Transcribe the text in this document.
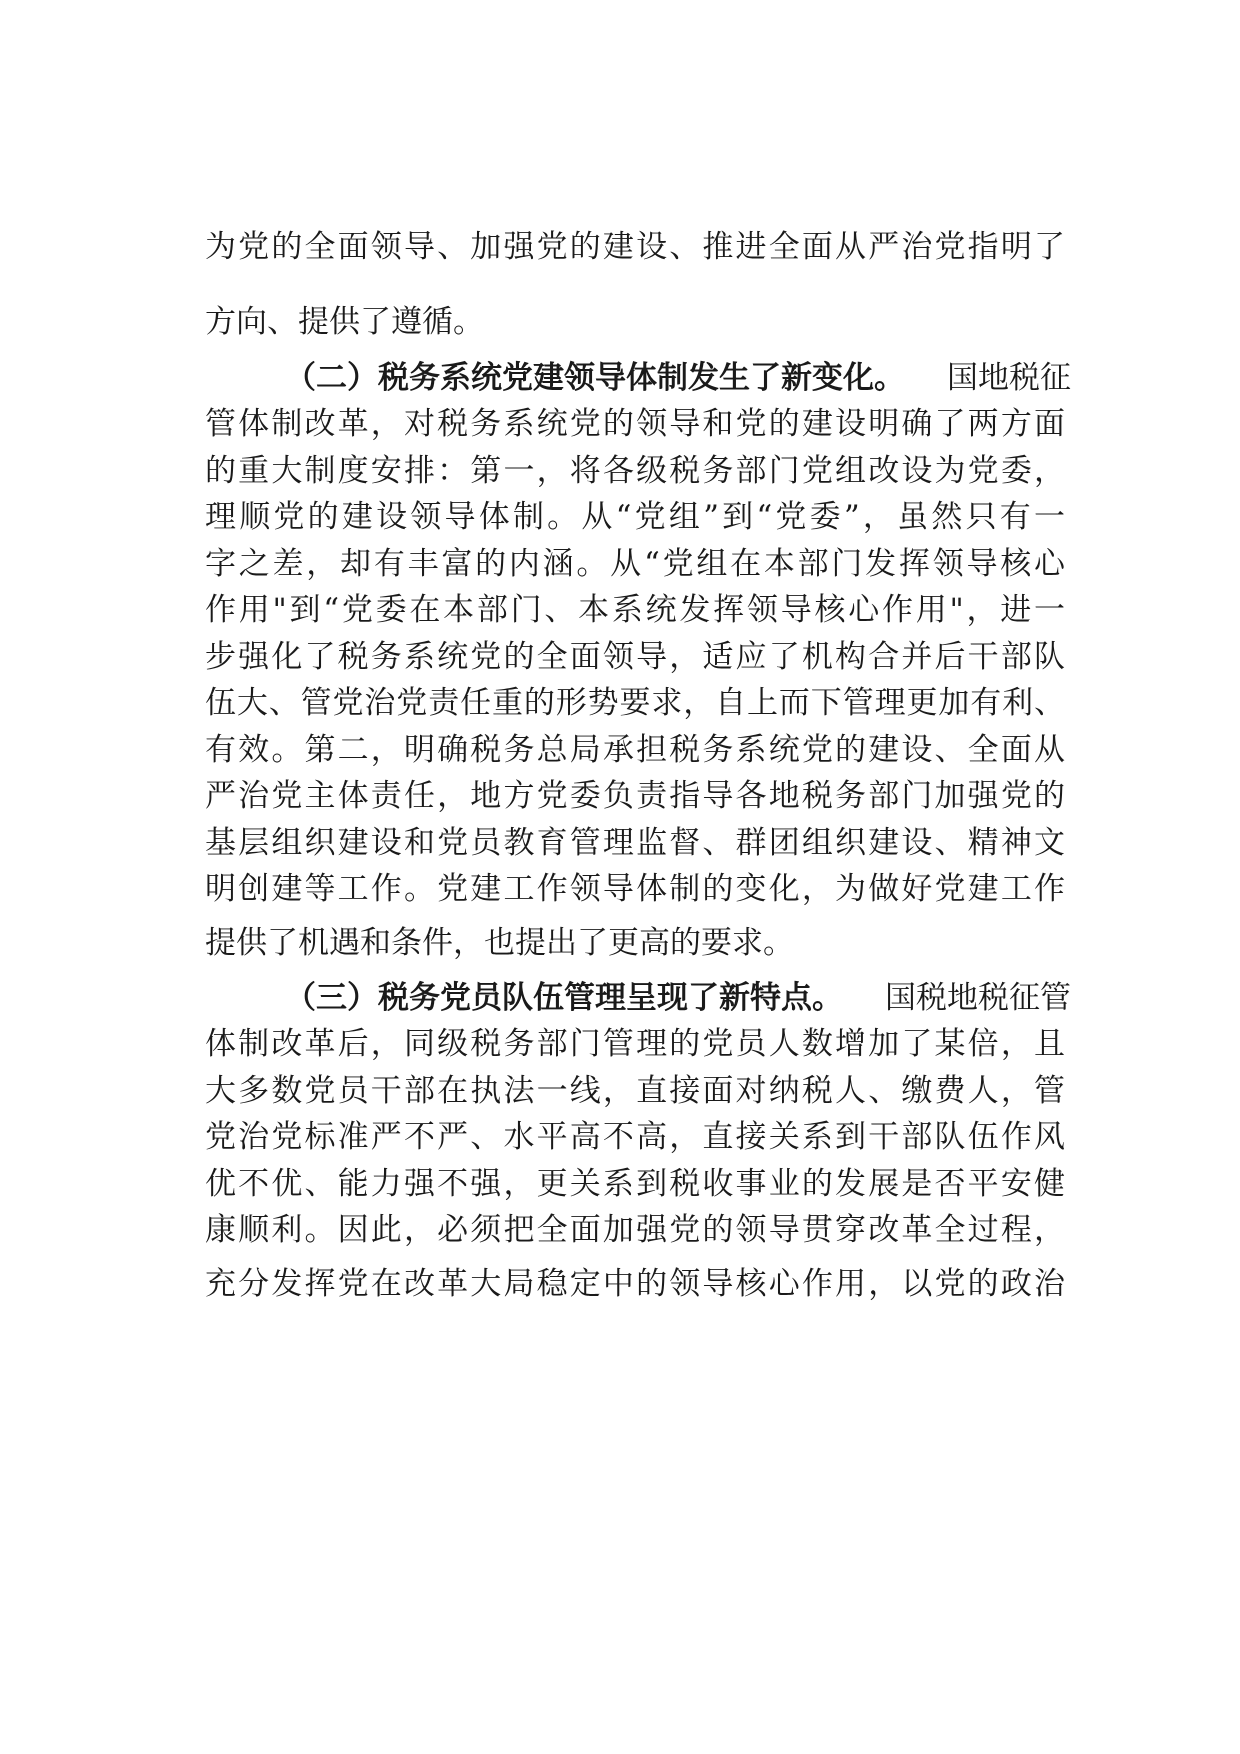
为党的全面领导、加强党的建设、推进全面从严治党指明了
方向、提供了遵循。
（二）税务系统党建领导体制发生了新变化。 国地税征
管体制改革，对税务系统党的领导和党的建设明确了两方面
的重大制度安排：第一，将各级税务部门党组改设为党委，
理顺党的建设领导体制。从“党组”到“党委”，虽然只有一
字之差，却有丰富的内涵。从“党组在本部门发挥领导核心
作用"到“党委在本部门、本系统发挥领导核心作用"，进一
步强化了税务系统党的全面领导，适应了机构合并后干部队
伍大、管党治党责任重的形势要求，自上而下管理更加有利、
有效。第二，明确税务总局承担税务系统党的建设、全面从
严治党主体责任，地方党委负责指导各地税务部门加强党的
基层组织建设和党员教育管理监督、群团组织建设、精神文
明创建等工作。党建工作领导体制的变化，为做好党建工作
提供了机遇和条件，也提出了更高的要求。
（三）税务党员队伍管理呈现了新特点。 国税地税征管
体制改革后，同级税务部门管理的党员人数增加了某倍，且
大多数党员干部在执法一线，直接面对纳税人、缴费人，管
党治党标准严不严、水平高不高，直接关系到干部队伍作风
优不优、能力强不强，更关系到税收事业的发展是否平安健
康顺利。因此，必须把全面加强党的领导贯穿改革全过程，
充分发挥党在改革大局稳定中的领导核心作用，以党的政治
